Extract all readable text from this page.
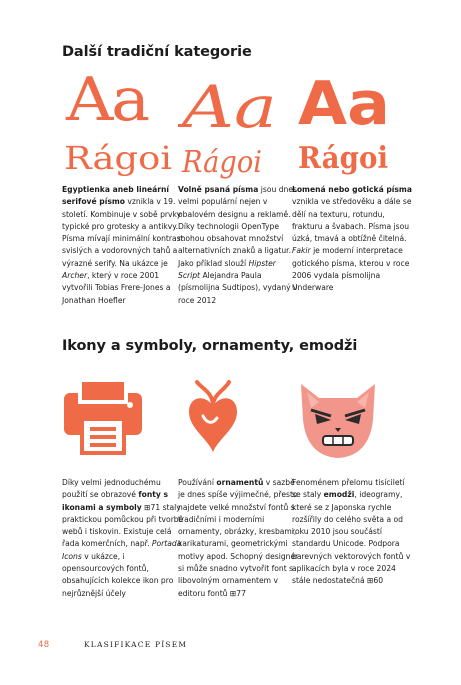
Další tradiční kategorie
Aa
Rágoi
Aa
Rágoi
Aa
Rágoi

Egyptienka aneb lineární serifové písmo vznikla v 19. století. Kombinuje v sobě prvky typické pro grotesky a antikvy. Písma mívají minimální kontrast svislých a vodorovných tahů a výrazné serify. Na ukázce je Archer, který v roce 2001 vytvořili Tobias Frere-Jones a Jonathan Hoefler

Volně psaná písma jsou dnes velmi populární nejen v obalovém designu a reklamě. Díky technologii OpenType mohou obsahovat množství alternativních znaků a ligatur. Jako příklad slouží Hipster Script Alejandra Paula (písmolijna Sudtipos), vydaný v roce 2012

Lomená nebo gotická písma vznikla ve středověku a dále se dělí na texturu, rotundu, frakturu a švabach. Písma jsou úzká, tmavá a obtížně čitelná. Fakir je moderní interpretace gotického písma, kterou v roce 2006 vydala písmolijna Underware

Ikony a symboly, ornamenty, emodži

Díky velmi jednoduchému použití se obrazové fonty s ikonami a symboly ⊞71 staly praktickou pomůckou při tvorbě webů i tiskovin. Existuje celá řada komerčních, např. Portada Icons v ukázce, i opensourcových fontů, obsahujících kolekce ikon pro nejrůznější účely

Používání ornamentů v sazbě je dnes spíše výjimečné, přesto najdete velké množství fontů s tradičními i moderními ornamenty, obrázky, kresbami, karikaturami, geometrickými motivy apod. Schopný designér si může snadno vytvořit font s libovolným ornamentem v editoru fontů ⊞77

Fenoménem přelomu tisíciletí se staly emodži, ideogramy, které se z Japonska rychle rozšířily do celého světa a od roku 2010 jsou součástí standardu Unicode. Podpora barevných vektorových fontů v aplikacích byla v roce 2024 stále nedostatečná ⊞60

48	KLASIFIKACE PÍSEM
